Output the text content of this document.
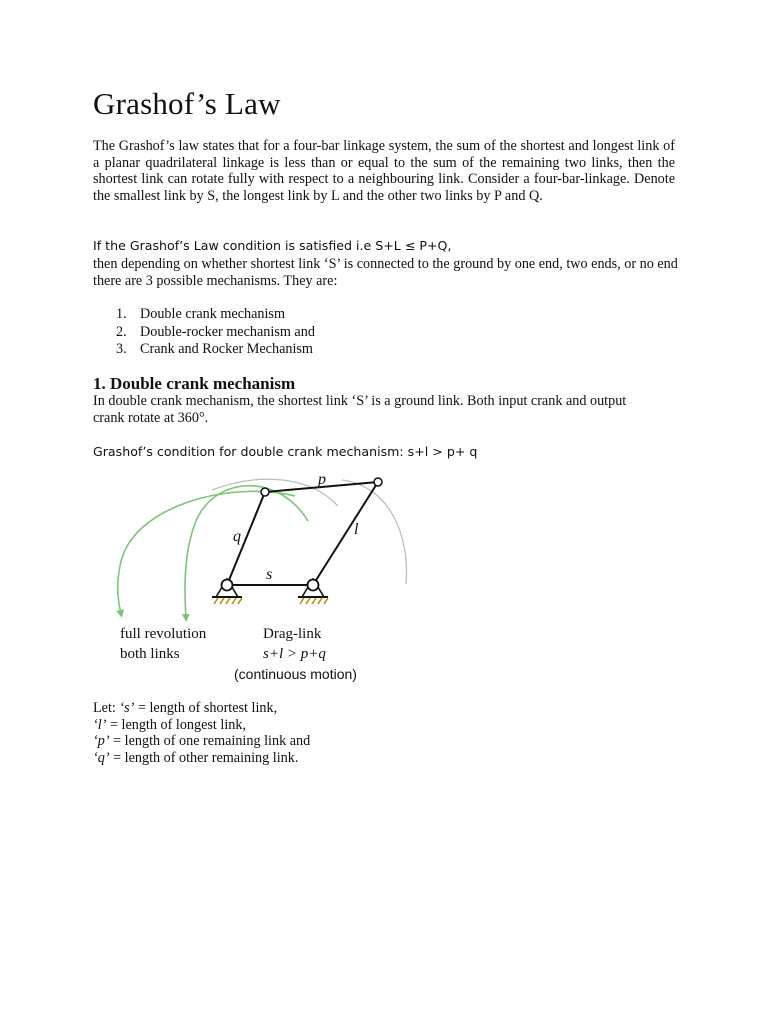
Grashof’s Law

The Grashof’s law states that for a four-bar linkage system, the sum of the shortest and longest link of a planar quadrilateral linkage is less than or equal to the sum of the remaining two links, then the shortest link can rotate fully with respect to a neighbouring link. Consider a four-bar-linkage. Denote the smallest link by S, the longest link by L and the other two links by P and Q.

If the Grashof’s Law condition is satisfied i.e S+L ≤ P+Q,

then depending on whether shortest link ‘S’ is connected to the ground by one end, two ends, or no end there are 3 possible mechanisms. They are:

1. Double crank mechanism
2. Double-rocker mechanism and
3. Crank and Rocker Mechanism
1. Double crank mechanism

In double crank mechanism, the shortest link ‘S’ is a ground link. Both input crank and output crank rotate at 360°.

Grashof’s condition for double crank mechanism: s+l > p+ q

p
q	l
s
full revolution
both links
Drag-link
s+l > p+q
(continuous motion)
Let: ‘s’ = length of shortest link,
‘l’ = length of longest link,
‘p’ = length of one remaining link and
‘q’ = length of other remaining link.
